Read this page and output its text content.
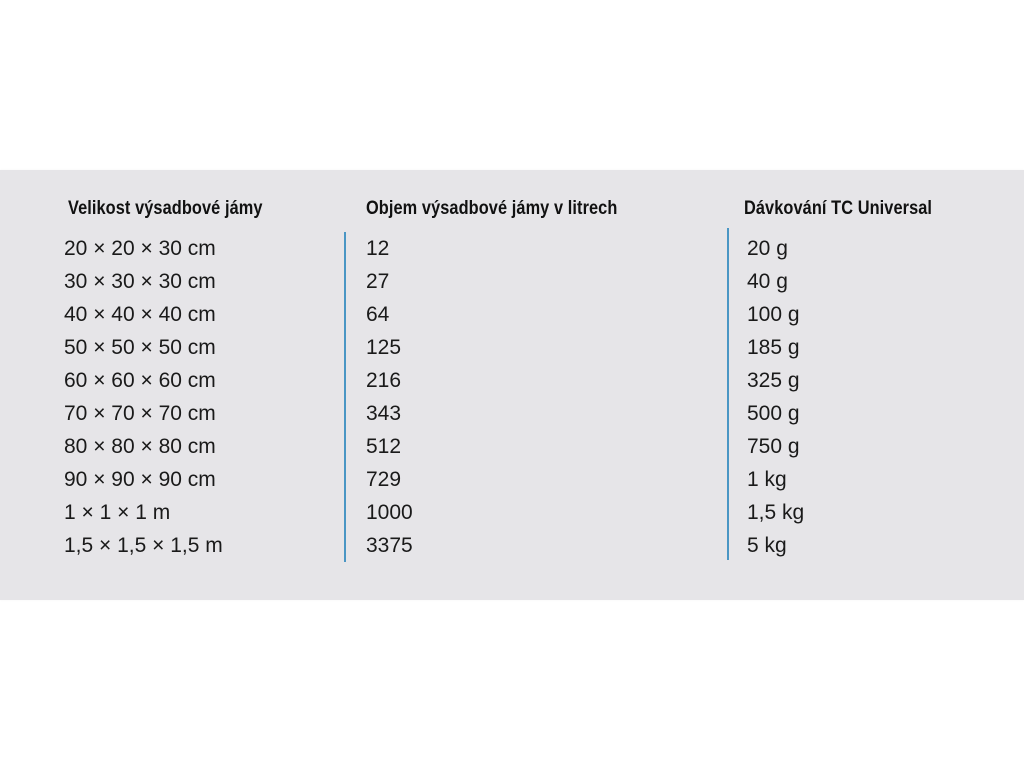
Velikost výsadbové jámy	Objem výsadbové jámy v litrech	Dávkování TC Universal
20 × 20 × 30 cm
30 × 30 × 30 cm
40 × 40 × 40 cm
50 × 50 × 50 cm
60 × 60 × 60 cm
70 × 70 × 70 cm
80 × 80 × 80 cm
90 × 90 × 90 cm
1 × 1 × 1 m
1,5 × 1,5 × 1,5 m
12
27
64
125
216
343
512
729
1000
3375
20 g
40 g
100 g
185 g
325 g
500 g
750 g
1 kg
1,5 kg
5 kg
